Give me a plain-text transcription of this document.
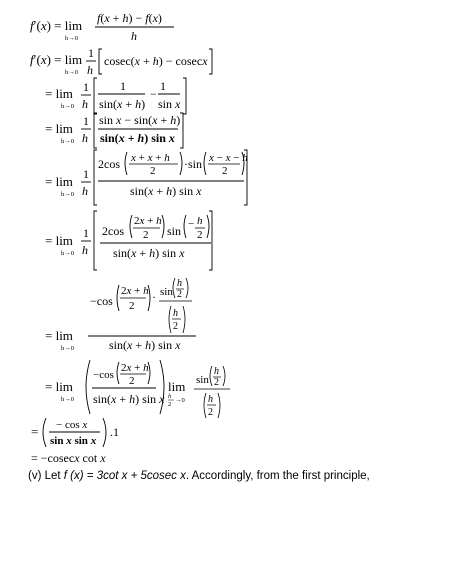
f′(x) = lim
h→0
f(x + h) − f(x)
h
f′(x) = lim
h→0
1
h
cosec(x + h) − cosecx
= lim
h→0
1
h
1
sin(x + h)
−
1
sin x
= lim
h→0
1
h
sin x − sin(x + h)
sin(x + h) sin x
= lim
h→0
1
h
2cos x + x + h
2 ·sin x − x − h
2
sin(x + h) sin x
= lim
h→0
1
h
2cos
2x + h
2 sin − h
2
sin(x + h) sin x
−cos
2x + h
2
· sin
h
2
h
2
sin(x + h) sin x
= lim
h→0
= lim
h→0
−cos
2x + h
2
sin(x + h) sin x
lim
h
2
→0
sin
h
2
h
2
= − cos x
sin x sin x
.1
= −cosecx cot x
(v) Let f (x) = 3cot x + 5cosec x. Accordingly, from the first principle,
